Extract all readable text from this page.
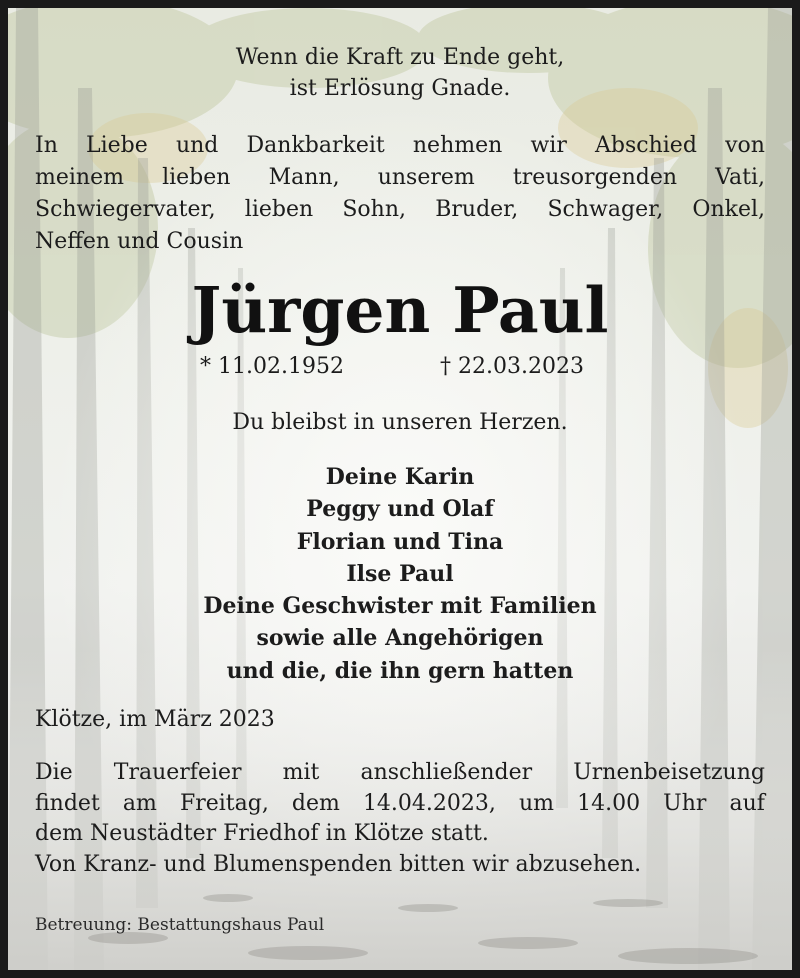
Wenn die Kraft zu Ende geht,
ist Erlösung Gnade.
In Liebe und Dankbarkeit nehmen wir Abschied von
meinem lieben Mann, unserem treusorgenden Vati,
Schwiegervater, lieben Sohn, Bruder, Schwager, Onkel,
Neffen und Cousin
Jürgen Paul
* 11.02.1952	† 22.03.2023
Du bleibst in unseren Herzen.
Deine Karin
Peggy und Olaf
Florian und Tina
Ilse Paul
Deine Geschwister mit Familien
sowie alle Angehörigen
und die, die ihn gern hatten
Klötze, im März 2023
Die Trauerfeier mit anschließender Urnenbeisetzung
findet am Freitag, dem 14.04.2023, um 14.00 Uhr auf
dem Neustädter Friedhof in Klötze statt.
Von Kranz- und Blumenspenden bitten wir abzusehen.
Betreuung: Bestattungshaus Paul
